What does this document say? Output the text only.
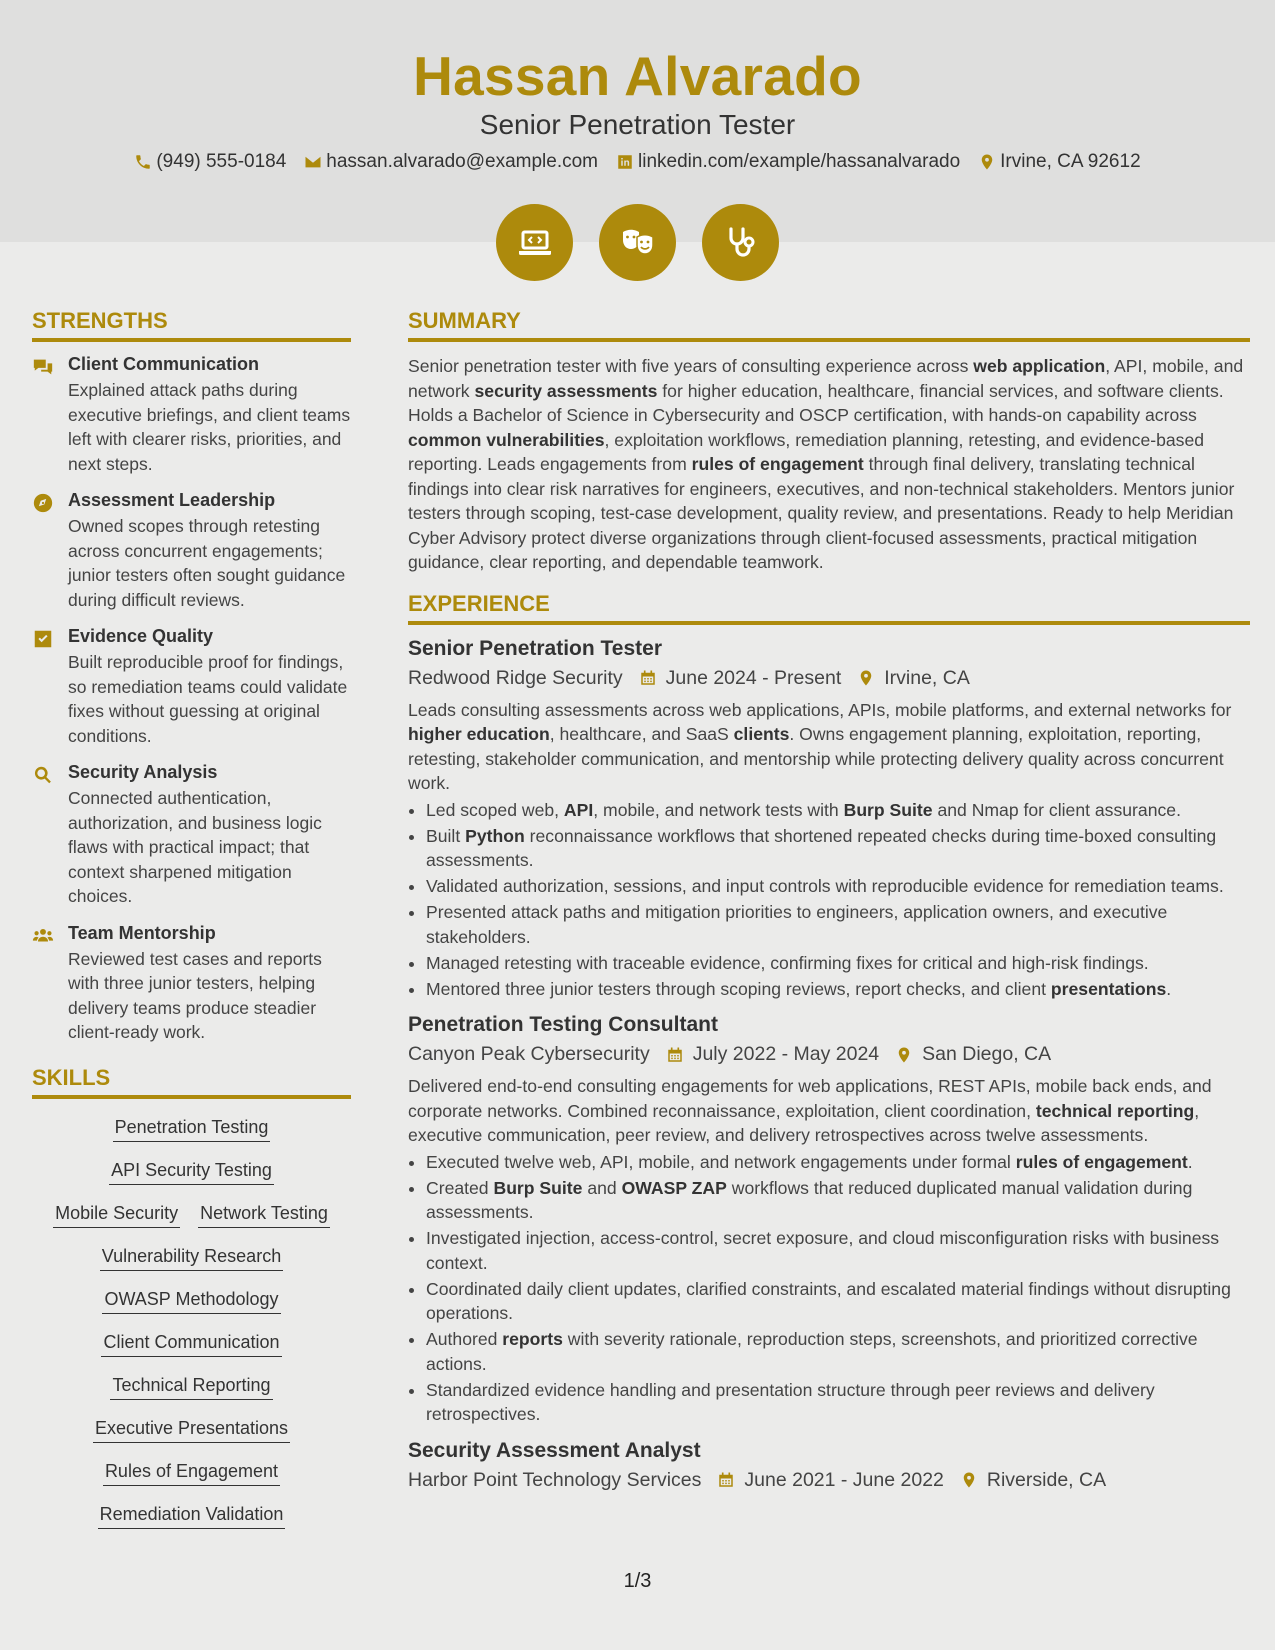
Hassan Alvarado
Senior Penetration Tester
(949) 555-0184 hassan.alvarado@example.com linkedin.com/example/hassanalvarado Irvine, CA 92612
STRENGTHS
Client Communication

Explained attack paths during executive briefings, and client teams left with clearer risks, priorities, and next steps.

Assessment Leadership

Owned scopes through retesting across concurrent engagements; junior testers often sought guidance during difficult reviews.

Evidence Quality

Built reproducible proof for findings, so remediation teams could validate fixes without guessing at original conditions.

Security Analysis

Connected authentication, authorization, and business logic flaws with practical impact; that context sharpened mitigation choices.

Team Mentorship

Reviewed test cases and reports with three junior testers, helping delivery teams produce steadier client-ready work.

SKILLS
Penetration Testing
API Security Testing
Mobile Security Network Testing
Vulnerability Research
OWASP Methodology
Client Communication
Technical Reporting
Executive Presentations
Rules of Engagement
Remediation Validation
SUMMARY

Senior penetration tester with five years of consulting experience across web application, API, mobile, and network security assessments for higher education, healthcare, financial services, and software clients. Holds a Bachelor of Science in Cybersecurity and OSCP certification, with hands-on capability across common vulnerabilities, exploitation workflows, remediation planning, retesting, and evidence-based reporting. Leads engagements from rules of engagement through final delivery, translating technical findings into clear risk narratives for engineers, executives, and non-technical stakeholders. Mentors junior testers through scoping, test-case development, quality review, and presentations. Ready to help Meridian Cyber Advisory protect diverse organizations through client-focused assessments, practical mitigation guidance, clear reporting, and dependable teamwork.

EXPERIENCE
Senior Penetration Tester
Redwood Ridge Security June 2024 - Present Irvine, CA

Leads consulting assessments across web applications, APIs, mobile platforms, and external networks for higher education, healthcare, and SaaS clients. Owns engagement planning, exploitation, reporting, retesting, stakeholder communication, and mentorship while protecting delivery quality across concurrent work.

• Led scoped web, API, mobile, and network tests with Burp Suite and Nmap for client assurance.
• Built Python reconnaissance workflows that shortened repeated checks during time-boxed consulting assessments.
• Validated authorization, sessions, and input controls with reproducible evidence for remediation teams.
• Presented attack paths and mitigation priorities to engineers, application owners, and executive stakeholders.
• Managed retesting with traceable evidence, confirming fixes for critical and high-risk findings.
• Mentored three junior testers through scoping reviews, report checks, and client presentations.
Penetration Testing Consultant
Canyon Peak Cybersecurity July 2022 - May 2024 San Diego, CA

Delivered end-to-end consulting engagements for web applications, REST APIs, mobile back ends, and corporate networks. Combined reconnaissance, exploitation, client coordination, technical reporting, executive communication, peer review, and delivery retrospectives across twelve assessments.

• Executed twelve web, API, mobile, and network engagements under formal rules of engagement.
• Created Burp Suite and OWASP ZAP workflows that reduced duplicated manual validation during assessments.
• Investigated injection, access-control, secret exposure, and cloud misconfiguration risks with business context.
• Coordinated daily client updates, clarified constraints, and escalated material findings without disrupting operations.
• Authored reports with severity rationale, reproduction steps, screenshots, and prioritized corrective actions.
• Standardized evidence handling and presentation structure through peer reviews and delivery retrospectives.
Security Assessment Analyst
Harbor Point Technology Services June 2021 - June 2022 Riverside, CA
1/3
